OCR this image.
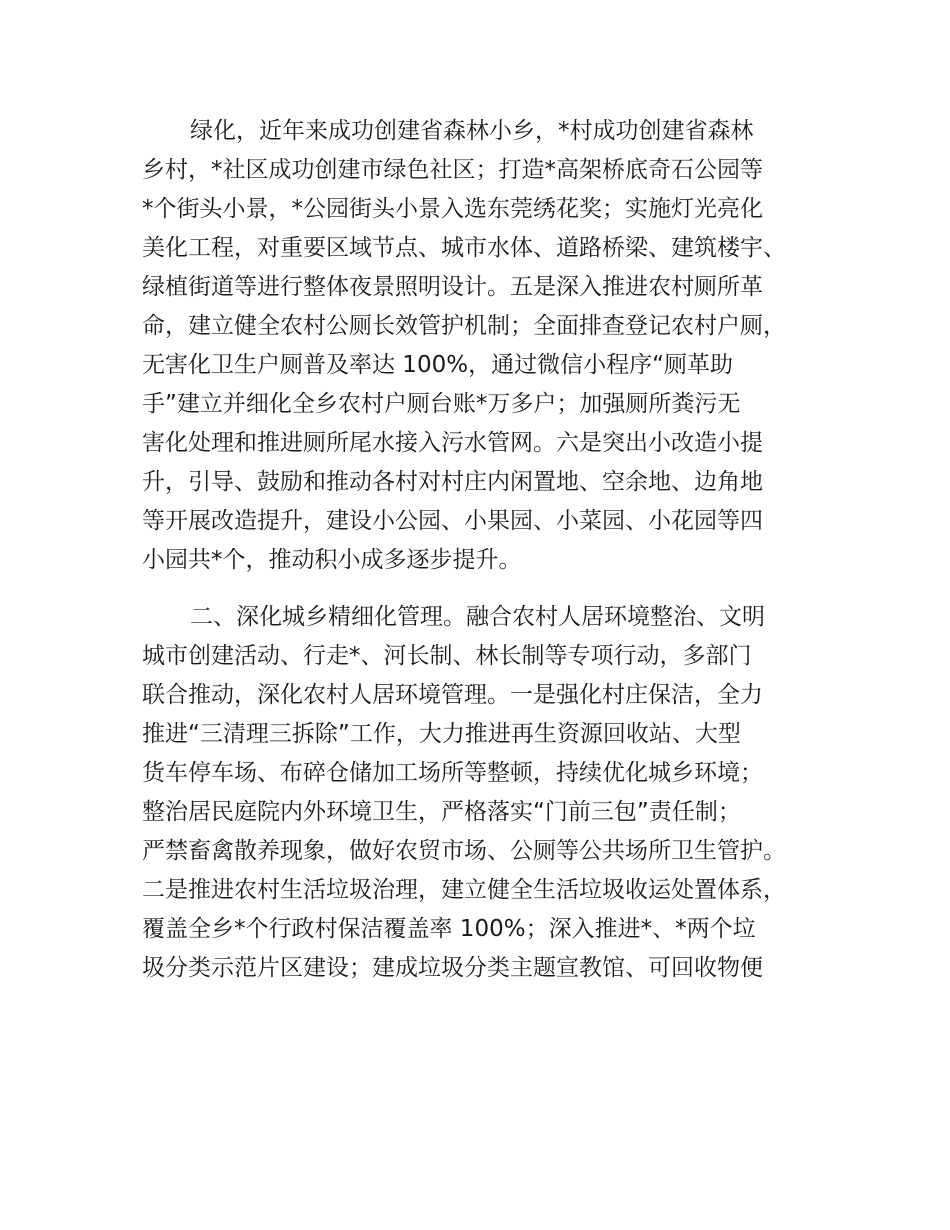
绿化，近年来成功创建省森林小乡，*村成功创建省森林
乡村，*社区成功创建市绿色社区；打造*高架桥底奇石公园等
*个街头小景，*公园街头小景入选东莞绣花奖；实施灯光亮化
美化工程，对重要区域节点、城市水体、道路桥梁、建筑楼宇、
绿植街道等进行整体夜景照明设计。五是深入推进农村厕所革
命，建立健全农村公厕长效管护机制；全面排查登记农村户厕，
无害化卫生户厕普及率达 100%，通过微信小程序“厕革助
手”建立并细化全乡农村户厕台账*万多户；加强厕所粪污无
害化处理和推进厕所尾水接入污水管网。六是突出小改造小提
升，引导、鼓励和推动各村对村庄内闲置地、空余地、边角地
等开展改造提升，建设小公园、小果园、小菜园、小花园等四
小园共*个，推动积小成多逐步提升。
二、深化城乡精细化管理。融合农村人居环境整治、文明
城市创建活动、行走*、河长制、林长制等专项行动，多部门
联合推动，深化农村人居环境管理。一是强化村庄保洁，全力
推进“三清理三拆除”工作，大力推进再生资源回收站、大型
货车停车场、布碎仓储加工场所等整顿，持续优化城乡环境；
整治居民庭院内外环境卫生，严格落实“门前三包”责任制；
严禁畜禽散养现象，做好农贸市场、公厕等公共场所卫生管护。
二是推进农村生活垃圾治理，建立健全生活垃圾收运处置体系，
覆盖全乡*个行政村保洁覆盖率 100%；深入推进*、*两个垃
圾分类示范片区建设；建成垃圾分类主题宣教馆、可回收物便
